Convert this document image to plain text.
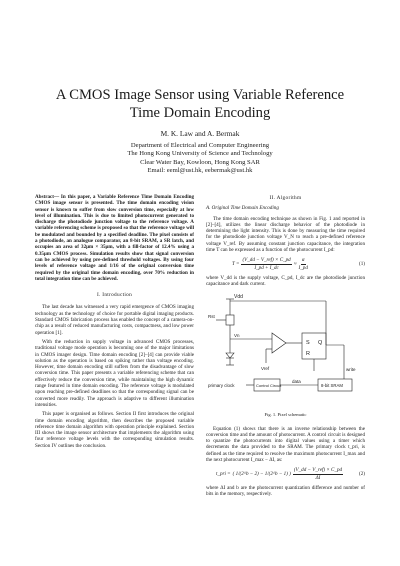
A CMOS Image Sensor using Variable Reference Time Domain Encoding
M. K. Law and A. Bermak
Department of Electrical and Computer Engineering
The Hong Kong University of Science and Technology
Clear Water Bay, Kowloon, Hong Kong SAR
Email: eeml@ust.hk, eebermak@ust.hk

Abstract— In this paper, a Variable Reference Time Domain Encoding CMOS image sensor is presented. The time domain encoding vision sensor is known to suffer from slow conversion time, especially at low level of illumination. This is due to limited photocurrent generated to discharge the photodiode junction voltage to the reference voltage. A variable referencing scheme is proposed so that the reference voltage will be modulated and bounded by a specified deadline. The pixel consists of a photodiode, an analogue comparator, an 8-bit SRAM, a SR latch, and occupies an area of 32μm × 35μm, with a fill-factor of 12.4% using a 0.35μm CMOS process. Simulation results show that signal conversion can be achieved by using pre-defined threshold voltages. By using four levels of reference voltage and 1/16 of the original conversion time required by the original time domain encoding, over 70% reduction in total integration time can be achieved.

I. Introduction

The last decade has witnessed a very rapid emergence of CMOS imaging technology as the technology of choice for portable digital imaging products. Standard CMOS fabrication process has enabled the concept of a camera-on-chip as a result of reduced manufacturing costs, compactness, and low power operation [1].

With the reduction in supply voltage in advanced CMOS processes, traditional voltage mode operation is becoming one of the major limitations in CMOS imager design. Time domain encoding [2]–[4] can provide viable solution as the operation is based on spiking rather than voltage encoding. However, time domain encoding still suffers from the disadvantage of slow conversion time. This paper presents a variable referencing scheme that can effectively reduce the conversion time, while maintaining the high dynamic range featured in time domain encoding. The reference voltage is modulated upon reaching pre-defined deadlines so that the corresponding signal can be converted more readily. The approach is adaptive to different illumination intensities.

This paper is organised as follows. Section II first introduces the original time domain encoding algorithm, then describes the proposed variable reference time domain algorithm with operation principle explained. Section III shows the image sensor architecture that implements the algorithm using four reference voltage levels with the corresponding simulation results. Section IV outlines the conclusion.

II. Algorithm

A. Original Time Domain Encoding

The time domain encoding technique as shown in Fig. 1 and reported in [2]–[4], utilizes the linear discharge behavior of the photodiode in determining the light intensity. This is done by measuring the time required for the photodiode junction voltage V_N to reach a pre-defined reference voltage V_ref. By assuming constant junction capacitance, the integration time T can be expressed as a function of the photocurrent I_pd:

$T = \frac{\text{(V\_dd − V\_ref) × C\_pd}}{I\_pd + I\_dc} \approx \frac{\alpha}{I\_pd}$	(1)

where V_dd is the supply voltage, C_pd, I_dc are the photodiode junction capacitance and dark current.

Vdd
Rst
Vn
Vref
S Q
R
write
primary clock	Control Circuit
data
8-bit SRAM
Fig. 1. Pixel schematic

Equation (1) shows that there is an inverse relationship between the conversion time and the amount of photocurrent. A control circuit is designed to quantize the photocurrents into digital values using a timer which decrements the data provided to the SRAM. The primary clock t_pri, is defined as the time required to resolve the maximum photocurrent I_max and the next photocurrent I_max − ΔI, as:

t_pri = ( 1/(2^b − 2) − 1/(2^b − 1) ) $\frac{\text{(V\_dd − V\_ref) × C\_pd}}{\Delta I}$	(2)

where ΔI and b are the photocurrent quantization difference and number of bits in the memory, respectively.
